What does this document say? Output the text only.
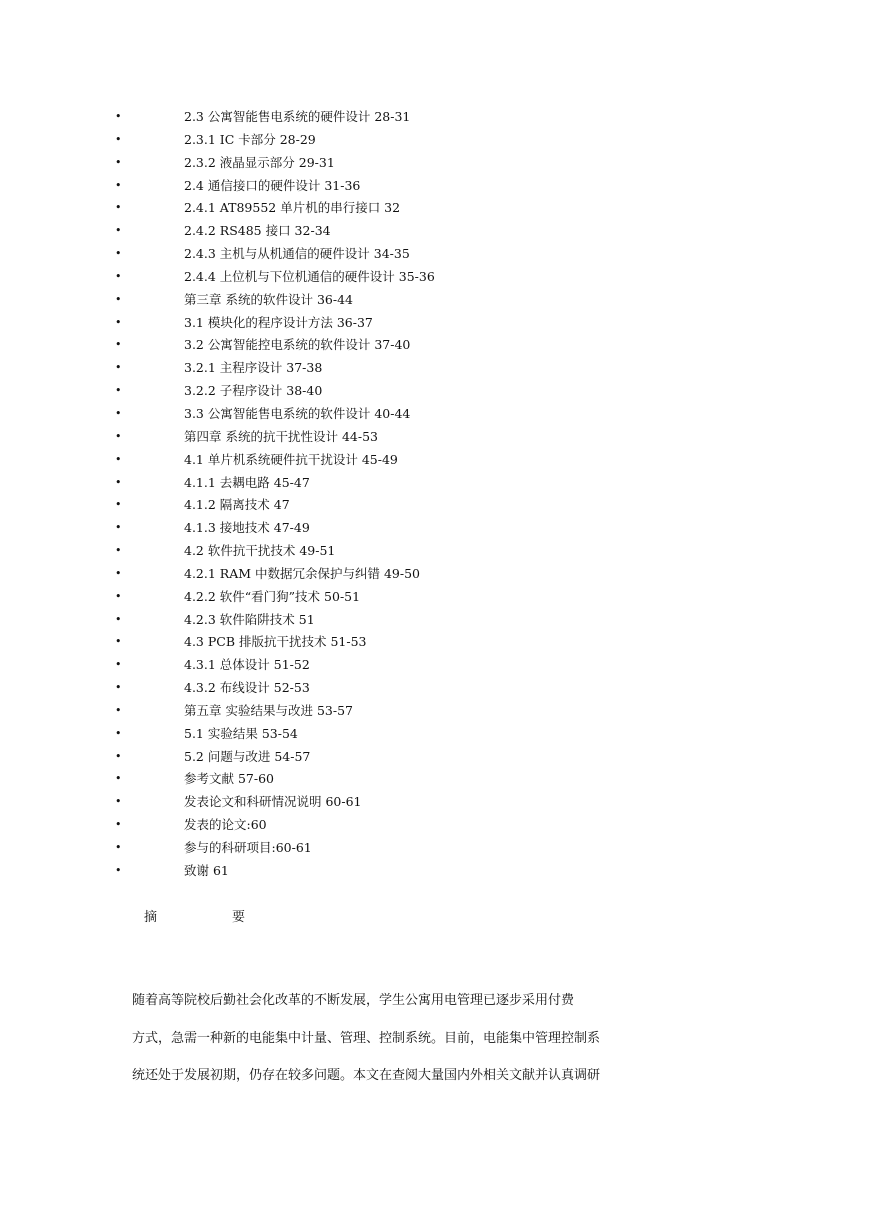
•	2.3 公寓智能售电系统的硬件设计 28-31
•	2.3.1 IC 卡部分 28-29
•	2.3.2 液晶显示部分 29-31
•	2.4 通信接口的硬件设计 31-36
•	2.4.1 AT89552 单片机的串行接口 32
•	2.4.2 RS485 接口 32-34
•	2.4.3 主机与从机通信的硬件设计 34-35
•	2.4.4 上位机与下位机通信的硬件设计 35-36
•	第三章 系统的软件设计 36-44
•	3.1 模块化的程序设计方法 36-37
•	3.2 公寓智能控电系统的软件设计 37-40
•	3.2.1 主程序设计 37-38
•	3.2.2 子程序设计 38-40
•	3.3 公寓智能售电系统的软件设计 40-44
•	第四章 系统的抗干扰性设计 44-53
•	4.1 单片机系统硬件抗干扰设计 45-49
•	4.1.1 去耦电路 45-47
•	4.1.2 隔离技术 47
•	4.1.3 接地技术 47-49
•	4.2 软件抗干扰技术 49-51
•	4.2.1 RAM 中数据冗余保护与纠错 49-50
•	4.2.2 软件“看门狗”技术 50-51
•	4.2.3 软件陷阱技术 51
•	4.3 PCB 排版抗干扰技术 51-53
•	4.3.1 总体设计 51-52
•	4.3.2 布线设计 52-53
•	第五章 实验结果与改进 53-57
•	5.1 实验结果 53-54
•	5.2 问题与改进 54-57
•	参考文献 57-60
•	发表论文和科研情况说明 60-61
•	发表的论文:60
•	参与的科研项目:60-61
•	致谢 61
摘	要
随着高等院校后勤社会化改革的不断发展，学生公寓用电管理已逐步采用付费
方式，急需一种新的电能集中计量、管理、控制系统。目前，电能集中管理控制系
统还处于发展初期，仍存在较多问题。本文在查阅大量国内外相关文献并认真调研
